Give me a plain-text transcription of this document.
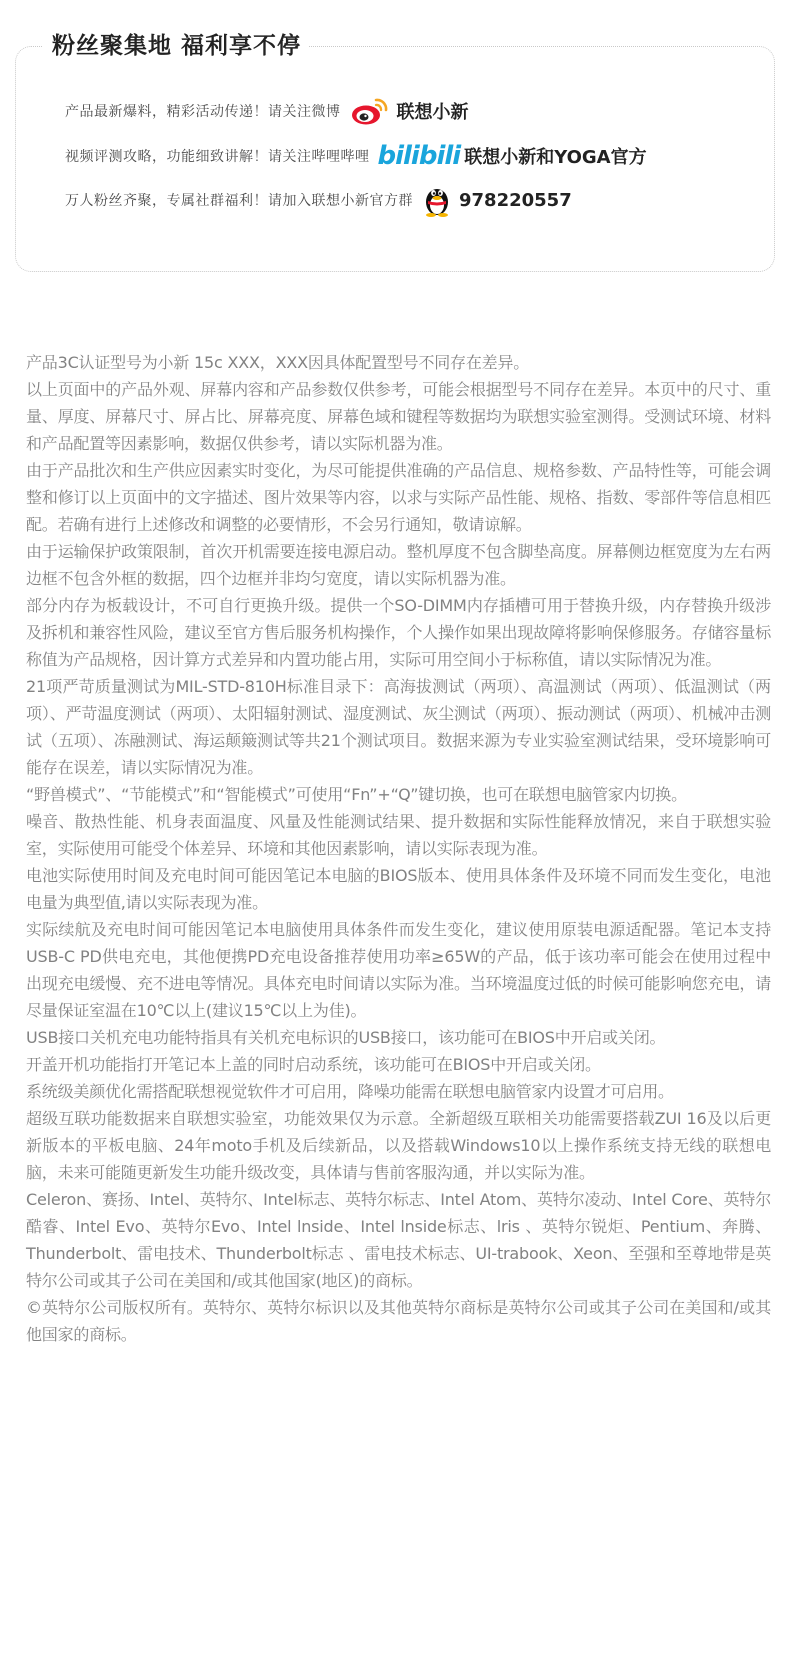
粉丝聚集地 福利享不停
产品最新爆料，精彩活动传递！请关注微博	联想小新
视频评测攻略，功能细致讲解！请关注哔哩哔哩 bilibili 联想小新和YOGA官方
万人粉丝齐聚，专属社群福利！请加入联想小新官方群	978220557
产品3C认证型号为小新 15c XXX，XXX因具体配置型号不同存在差异。
以上页面中的产品外观、屏幕内容和产品参数仅供参考，可能会根据型号不同存在差异。本页中的尺寸、重量、厚度、屏幕尺寸、屏占比、屏幕亮度、屏幕色域和键程等数据均为联想实验室测得。受测试环境、材料和产品配置等因素影响，数据仅供参考，请以实际机器为准。
由于产品批次和生产供应因素实时变化，为尽可能提供准确的产品信息、规格参数、产品特性等，可能会调整和修订以上页面中的文字描述、图片效果等内容，以求与实际产品性能、规格、指数、零部件等信息相匹配。若确有进行上述修改和调整的必要情形，不会另行通知，敬请谅解。
由于运输保护政策限制，首次开机需要连接电源启动。整机厚度不包含脚垫高度。屏幕侧边框宽度为左右两边框不包含外框的数据，四个边框并非均匀宽度，请以实际机器为准。
部分内存为板载设计，不可自行更换升级。提供一个SO-DIMM内存插槽可用于替换升级，内存替换升级涉及拆机和兼容性风险，建议至官方售后服务机构操作，个人操作如果出现故障将影响保修服务。存储容量标称值为产品规格，因计算方式差异和内置功能占用，实际可用空间小于标称值，请以实际情况为准。
21项严苛质量测试为MIL-STD-810H标准目录下：高海拔测试（两项）、高温测试（两项）、低温测试（两项）、严苛温度测试（两项）、太阳辐射测试、湿度测试、灰尘测试（两项）、振动测试（两项）、机械冲击测试（五项）、冻融测试、海运颠簸测试等共21个测试项目。数据来源为专业实验室测试结果，受环境影响可能存在误差，请以实际情况为准。
“野兽模式”、“节能模式”和“智能模式”可使用“Fn”+“Q”键切换，也可在联想电脑管家内切换。
噪音、散热性能、机身表面温度、风量及性能测试结果、提升数据和实际性能释放情况，来自于联想实验室，实际使用可能受个体差异、环境和其他因素影响，请以实际表现为准。
电池实际使用时间及充电时间可能因笔记本电脑的BIOS版本、使用具体条件及环境不同而发生变化，电池电量为典型值,请以实际表现为准。
实际续航及充电时间可能因笔记本电脑使用具体条件而发生变化，建议使用原装电源适配器。笔记本支持USB-C PD供电充电，其他便携PD充电设备推荐使用功率≥65W的产品，低于该功率可能会在使用过程中出现充电缓慢、充不进电等情况。具体充电时间请以实际为准。当环境温度过低的时候可能影响您充电，请尽量保证室温在10℃以上(建议15℃以上为佳)。
USB接口关机充电功能特指具有关机充电标识的USB接口，该功能可在BIOS中开启或关闭。
开盖开机功能指打开笔记本上盖的同时启动系统，该功能可在BIOS中开启或关闭。
系统级美颜优化需搭配联想视觉软件才可启用，降噪功能需在联想电脑管家内设置才可启用。
超级互联功能数据来自联想实验室，功能效果仅为示意。全新超级互联相关功能需要搭载ZUI 16及以后更新版本的平板电脑、24年moto手机及后续新品，以及搭载Windows10以上操作系统支持无线的联想电脑，未来可能随更新发生功能升级改变，具体请与售前客服沟通，并以实际为准。
Celeron、赛扬、Intel、英特尔、Intel标志、英特尔标志、Intel Atom、英特尔凌动、Intel Core、英特尔酷睿、Intel Evo、英特尔Evo、Intel lnside、Intel lnside标志、lris 、英特尔锐炬、Pentium、奔腾、Thunderbolt、雷电技术、Thunderbolt标志 、雷电技术标志、UI-trabook、Xeon、至强和至尊地带是英特尔公司或其子公司在美国和/或其他国家(地区)的商标。
©英特尔公司版权所有。英特尔、英特尔标识以及其他英特尔商标是英特尔公司或其子公司在美国和/或其他国家的商标。
